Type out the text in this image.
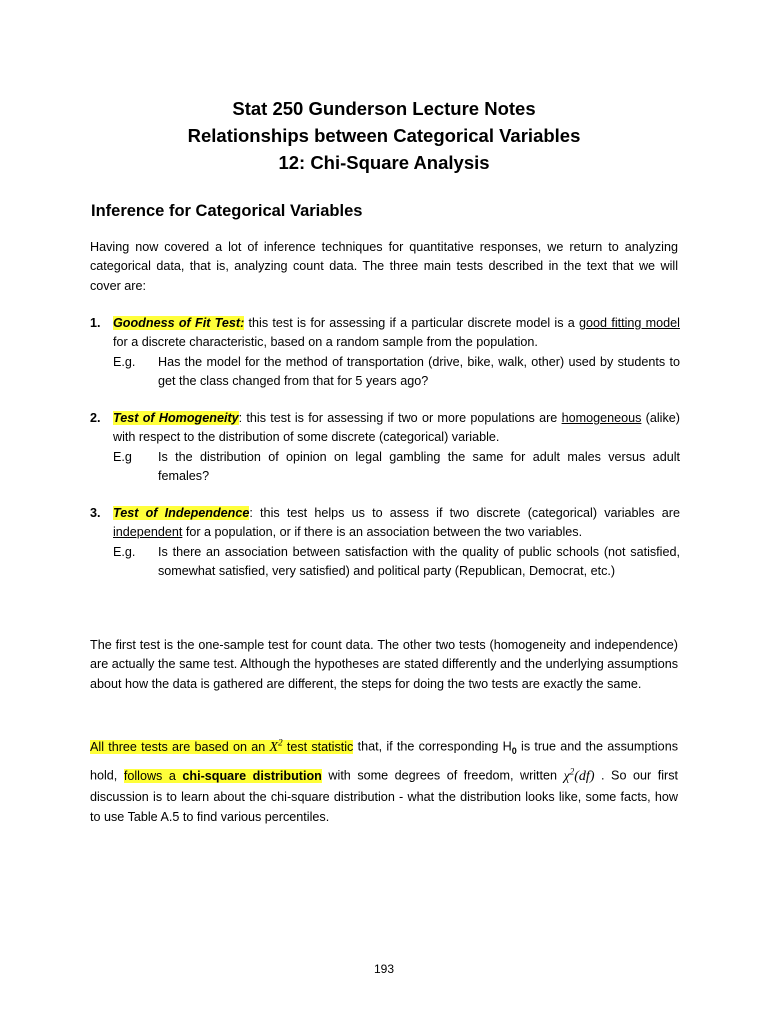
Stat 250 Gunderson Lecture Notes
Relationships between Categorical Variables
12: Chi-Square Analysis
Inference for Categorical Variables
Having now covered a lot of inference techniques for quantitative responses, we return to analyzing categorical data, that is, analyzing count data. The three main tests described in the text that we will cover are:
1. Goodness of Fit Test: this test is for assessing if a particular discrete model is a good fitting model for a discrete characteristic, based on a random sample from the population.
E.g. Has the model for the method of transportation (drive, bike, walk, other) used by students to get the class changed from that for 5 years ago?
2. Test of Homogeneity: this test is for assessing if two or more populations are homogeneous (alike) with respect to the distribution of some discrete (categorical) variable.
E.g Is the distribution of opinion on legal gambling the same for adult males versus adult females?
3. Test of Independence: this test helps us to assess if two discrete (categorical) variables are independent for a population, or if there is an association between the two variables.
E.g. Is there an association between satisfaction with the quality of public schools (not satisfied, somewhat satisfied, very satisfied) and political party (Republican, Democrat, etc.)
The first test is the one-sample test for count data. The other two tests (homogeneity and independence) are actually the same test. Although the hypotheses are stated differently and the underlying assumptions about how the data is gathered are different, the steps for doing the two tests are exactly the same.
All three tests are based on an $X^2$ test statistic that, if the corresponding $H_0$ is true and the assumptions hold, follows a chi-square distribution with some degrees of freedom, written $\chi^2(df)$ . So our first discussion is to learn about the chi-square distribution - what the distribution looks like, some facts, how to use Table A.5 to find various percentiles.
193
